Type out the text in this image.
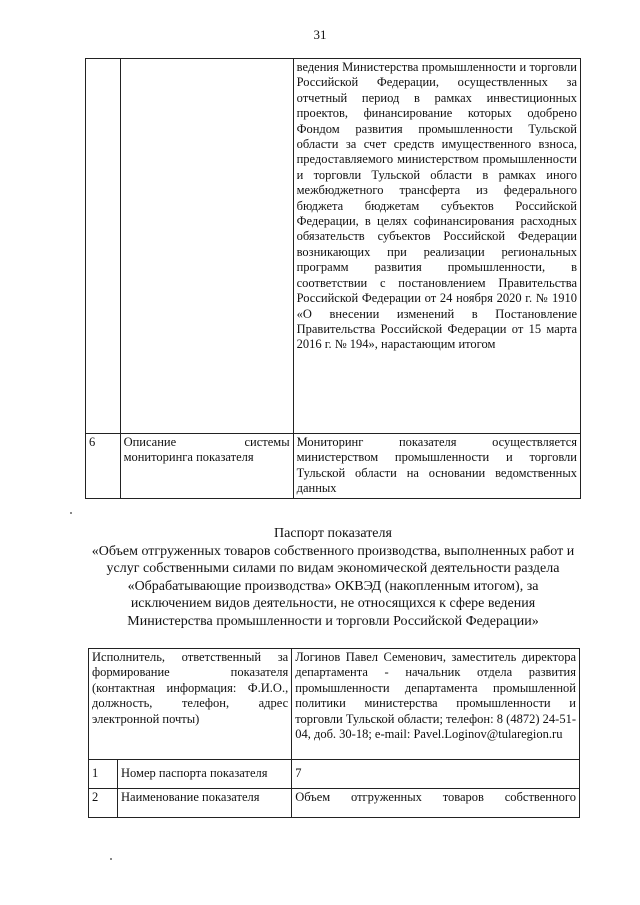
31
		ведения Министерства промышленности и торговли Российской Федерации, осуществленных за отчетный период в рамках инвестиционных проектов, финансирование которых одобрено Фондом развития промышленности Тульской области за счет средств имущественного взноса, предоставляемого министерством промышленности и торговли Тульской области в рамках иного межбюджетного трансферта из федерального бюджета бюджетам субъектов Российской Федерации, в целях софинансирования расходных обязательств субъектов Российской Федерации возникающих при реализации региональных программ развития промышленности, в соответствии с постановлением Правительства Российской Федерации от 24 ноября 2020 г. № 1910 «О внесении изменений в Постановление Правительства Российской Федерации от 15 марта 2016 г. № 194», нарастающим итогом
6	Описание системы мониторинга показателя	Мониторинг показателя осуществляется министерством промышленности и торговли Тульской области на основании ведомственных данных
Паспорт показателя
«Объем отгруженных товаров собственного производства, выполненных работ и услуг собственными силами по видам экономической деятельности раздела «Обрабатывающие производства» ОКВЭД (накопленным итогом), за исключением видов деятельности, не относящихся к сфере ведения Министерства промышленности и торговли Российской Федерации»
Исполнитель, ответственный за формирование показателя (контактная информация: Ф.И.О., должность, телефон, адрес электронной почты)		Логинов Павел Семенович, заместитель директора департамента - начальник отдела развития промышленности департамента промышленной политики министерства промышленности и торговли Тульской области; телефон: 8 (4872) 24-51-04, доб. 30-18; e-mail: Pavel.Loginov@tularegion.ru
1	Номер паспорта показателя	7
2	Наименование показателя	Объем отгруженных товаров собственного
